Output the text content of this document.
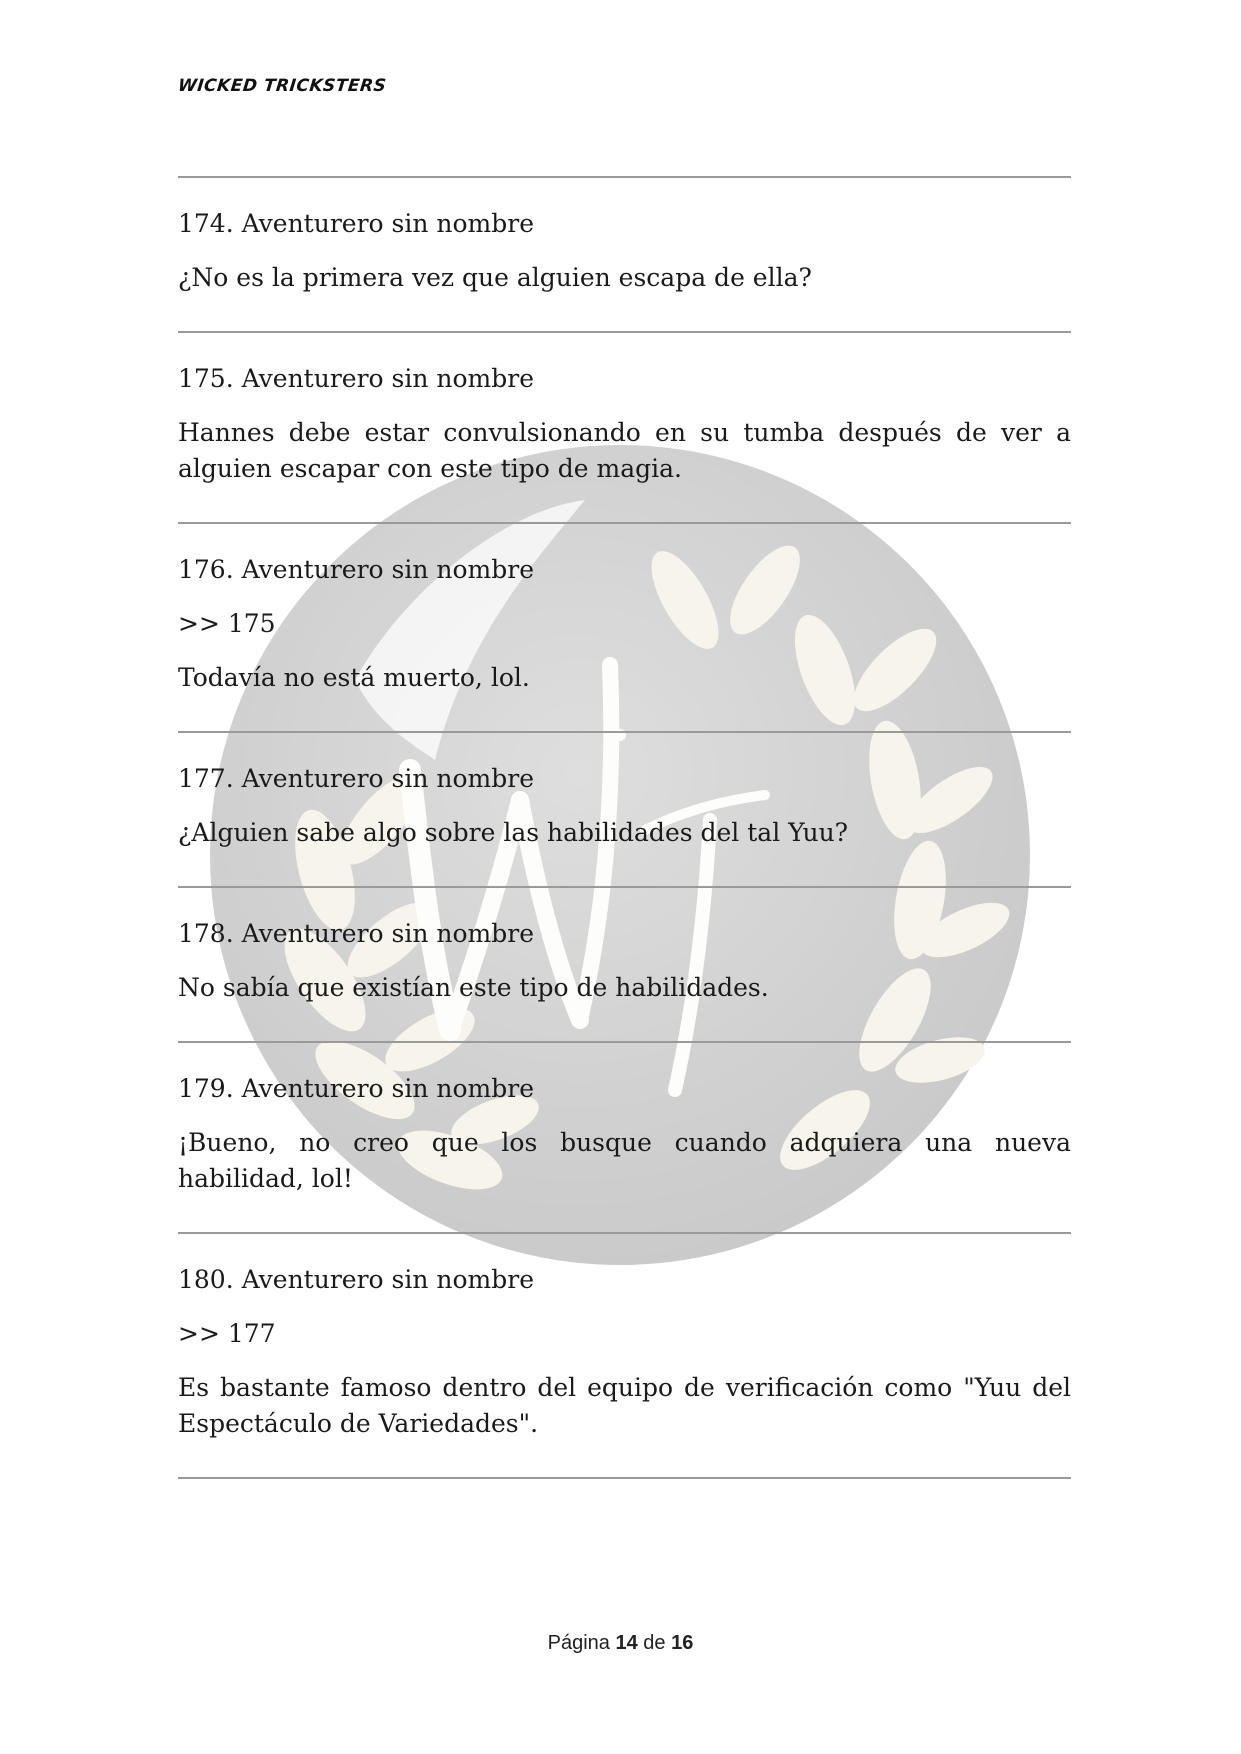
WICKED TRICKSTERS
174. Aventurero sin nombre
¿No es la primera vez que alguien escapa de ella?
175. Aventurero sin nombre
Hannes debe estar convulsionando en su tumba después de ver a alguien escapar con este tipo de magia.
176. Aventurero sin nombre
>> 175
Todavía no está muerto, lol.
177. Aventurero sin nombre
¿Alguien sabe algo sobre las habilidades del tal Yuu?
178. Aventurero sin nombre
No sabía que existían este tipo de habilidades.
179. Aventurero sin nombre
¡Bueno, no creo que los busque cuando adquiera una nueva habilidad, lol!
180. Aventurero sin nombre
>> 177
Es bastante famoso dentro del equipo de verificación como "Yuu del Espectáculo de Variedades".
Página 14 de 16
